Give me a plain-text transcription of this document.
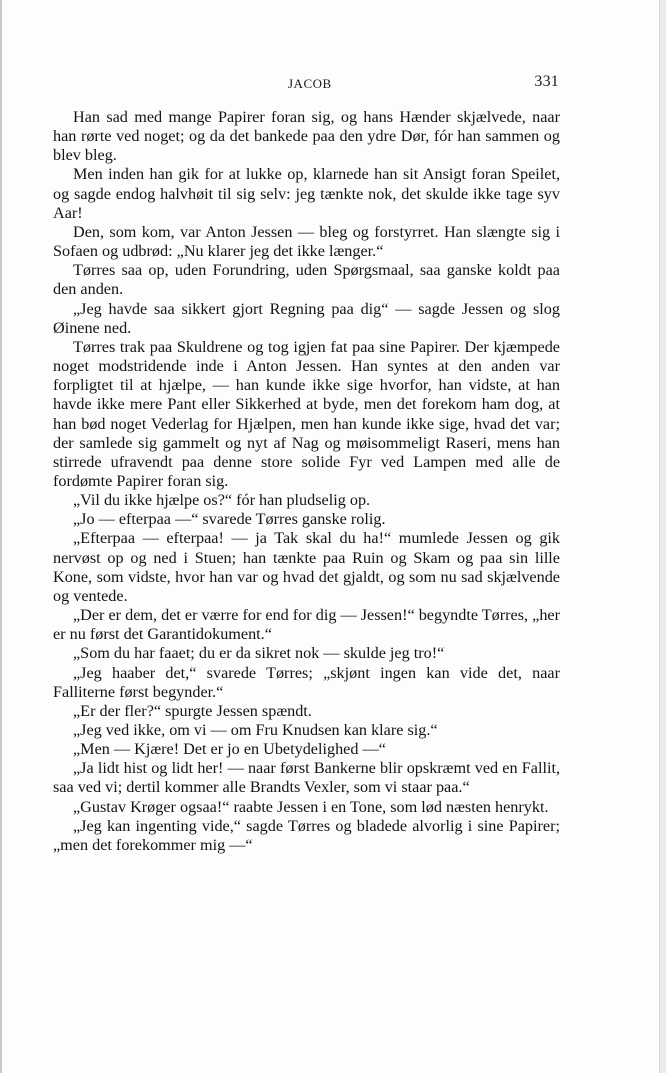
JACOB	331

Han sad med mange Papirer foran sig, og hans Hænder skjælvede, naar han rørte ved noget; og da det bankede paa den ydre Dør, fór han sammen og blev bleg.

Men inden han gik for at lukke op, klarnede han sit Ansigt foran Speilet, og sagde endog halvhøit til sig selv: jeg tænkte nok, det skulde ikke tage syv Aar!

Den, som kom, var Anton Jessen — bleg og forstyrret. Han slængte sig i Sofaen og udbrød: „Nu klarer jeg det ikke længer.“

Tørres saa op, uden Forundring, uden Spørgsmaal, saa ganske koldt paa den anden.

„Jeg havde saa sikkert gjort Regning paa dig“ — sagde Jessen og slog Øinene ned.

Tørres trak paa Skuldrene og tog igjen fat paa sine Papirer. Der kjæmpede noget modstridende inde i Anton Jessen. Han syntes at den anden var forpligtet til at hjælpe, — han kunde ikke sige hvorfor, han vidste, at han havde ikke mere Pant eller Sikkerhed at byde, men det forekom ham dog, at han bød noget Vederlag for Hjælpen, men han kunde ikke sige, hvad det var; der samlede sig gammelt og nyt af Nag og møisommeligt Raseri, mens han stirrede ufravendt paa denne store solide Fyr ved Lampen med alle de fordømte Papirer foran sig.

„Vil du ikke hjælpe os?“ fór han pludselig op.

„Jo — efterpaa —“ svarede Tørres ganske rolig.

„Efterpaa — efterpaa! — ja Tak skal du ha!“ mumlede Jessen og gik nervøst op og ned i Stuen; han tænkte paa Ruin og Skam og paa sin lille Kone, som vidste, hvor han var og hvad det gjaldt, og som nu sad skjælvende og ventede.

„Der er dem, det er værre for end for dig — Jessen!“ begyndte Tørres, „her er nu først det Garantidokument.“

„Som du har faaet; du er da sikret nok — skulde jeg tro!“

„Jeg haaber det,“ svarede Tørres; „skjønt ingen kan vide det, naar Falliterne først begynder.“

„Er der fler?“ spurgte Jessen spændt.

„Jeg ved ikke, om vi — om Fru Knudsen kan klare sig.“

„Men — Kjære! Det er jo en Ubetydelighed —“

„Ja lidt hist og lidt her! — naar først Bankerne blir opskræmt ved en Fallit, saa ved vi; dertil kommer alle Brandts Vexler, som vi staar paa.“

„Gustav Krøger ogsaa!“ raabte Jessen i en Tone, som lød næsten henrykt.

„Jeg kan ingenting vide,“ sagde Tørres og bladede alvorlig i sine Papirer; „men det forekommer mig —“
